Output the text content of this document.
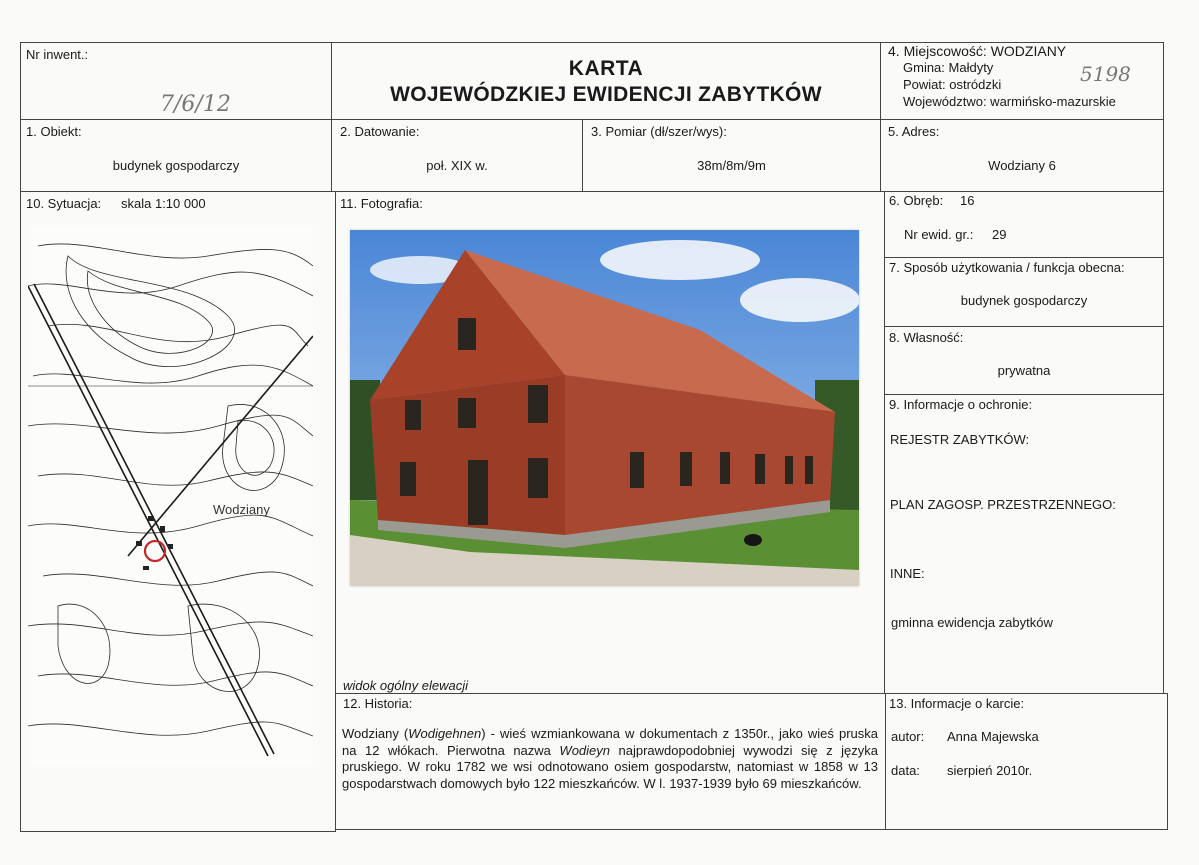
Nr inwent.:
7/6/12
KARTA
WOJEWÓDZKIEJ EWIDENCJI ZABYTKÓW
4. Miejscowość: WODZIANY
Gmina: Małdyty
Powiat: ostródzki
Województwo: warmińsko-mazurskie
5198
1. Obiekt:
budynek gospodarczy
2. Datowanie:
poł. XIX w.
3. Pomiar (dł/szer/wys):
38m/8m/9m
5. Adres:
Wodziany 6
10. Sytuacja: skala 1:10 000
Wodziany
11. Fotografia:
widok ogólny elewacji
6. Obręb: 16
Nr ewid. gr.: 29
7. Sposób użytkowania / funkcja obecna:
budynek gospodarczy
8. Własność:
prywatna
9. Informacje o ochronie:
REJESTR ZABYTKÓW:
PLAN ZAGOSP. PRZESTRZENNEGO:
INNE:
gminna ewidencja zabytków
12. Historia:
Wodziany (Wodigehnen) - wieś wzmiankowana w dokumentach z 1350r., jako wieś pruska na 12 włókach. Pierwotna nazwa Wodieyn najprawdopodobniej wywodzi się z języka pruskiego. W roku 1782 we wsi odnotowano osiem gospodarstw, natomiast w 1858 w 13 gospodarstwach domowych było 122 mieszkańców. W l. 1937-1939 było 69 mieszkańców.
13. Informacje o karcie:
autor: Anna Majewska
data: sierpień 2010r.
